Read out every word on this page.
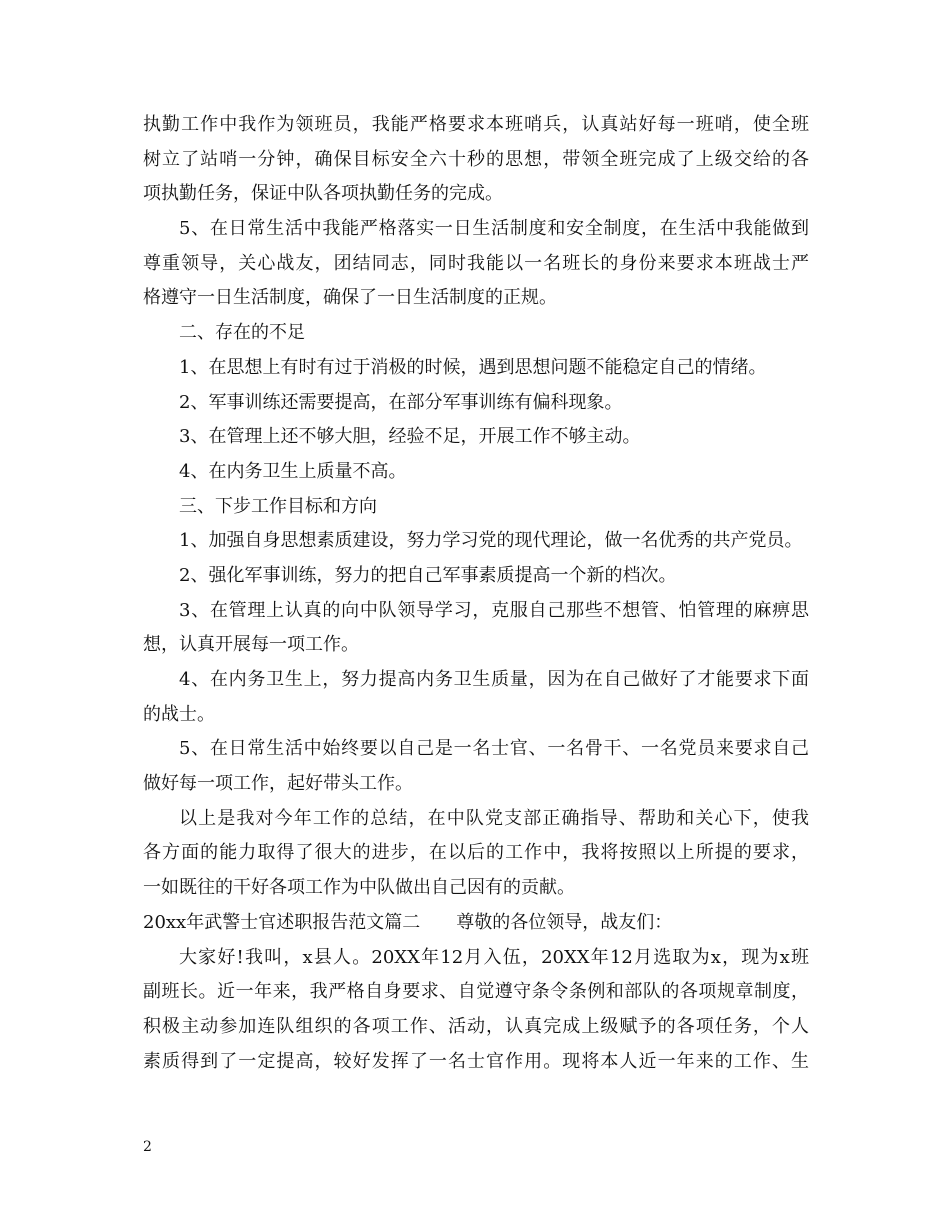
执勤工作中我作为领班员，我能严格要求本班哨兵，认真站好每一班哨，使全班
树立了站哨一分钟，确保目标安全六十秒的思想，带领全班完成了上级交给的各
项执勤任务，保证中队各项执勤任务的完成。
5、在日常生活中我能严格落实一日生活制度和安全制度，在生活中我能做到
尊重领导，关心战友，团结同志，同时我能以一名班长的身份来要求本班战士严
格遵守一日生活制度，确保了一日生活制度的正规。
二、存在的不足
1、在思想上有时有过于消极的时候，遇到思想问题不能稳定自己的情绪。
2、军事训练还需要提高，在部分军事训练有偏科现象。
3、在管理上还不够大胆，经验不足，开展工作不够主动。
4、在内务卫生上质量不高。
三、下步工作目标和方向
1、加强自身思想素质建设，努力学习党的现代理论，做一名优秀的共产党员。
2、强化军事训练，努力的把自己军事素质提高一个新的档次。
3、在管理上认真的向中队领导学习，克服自己那些不想管、怕管理的麻痹思
想，认真开展每一项工作。
4、在内务卫生上，努力提高内务卫生质量，因为在自己做好了才能要求下面
的战士。
5、在日常生活中始终要以自己是一名士官、一名骨干、一名党员来要求自己
做好每一项工作，起好带头工作。
以上是我对今年工作的总结，在中队党支部正确指导、帮助和关心下，使我
各方面的能力取得了很大的进步，在以后的工作中，我将按照以上所提的要求，
一如既往的干好各项工作为中队做出自己因有的贡献。
20xx年武警士官述职报告范文篇二　　尊敬的各位领导，战友们：
大家好!我叫，x县人。20XX年12月入伍，20XX年12月选取为x，现为x班
副班长。近一年来，我严格自身要求、自觉遵守条令条例和部队的各项规章制度，
积极主动参加连队组织的各项工作、活动，认真完成上级赋予的各项任务，个人
素质得到了一定提高，较好发挥了一名士官作用。现将本人近一年来的工作、生
2
